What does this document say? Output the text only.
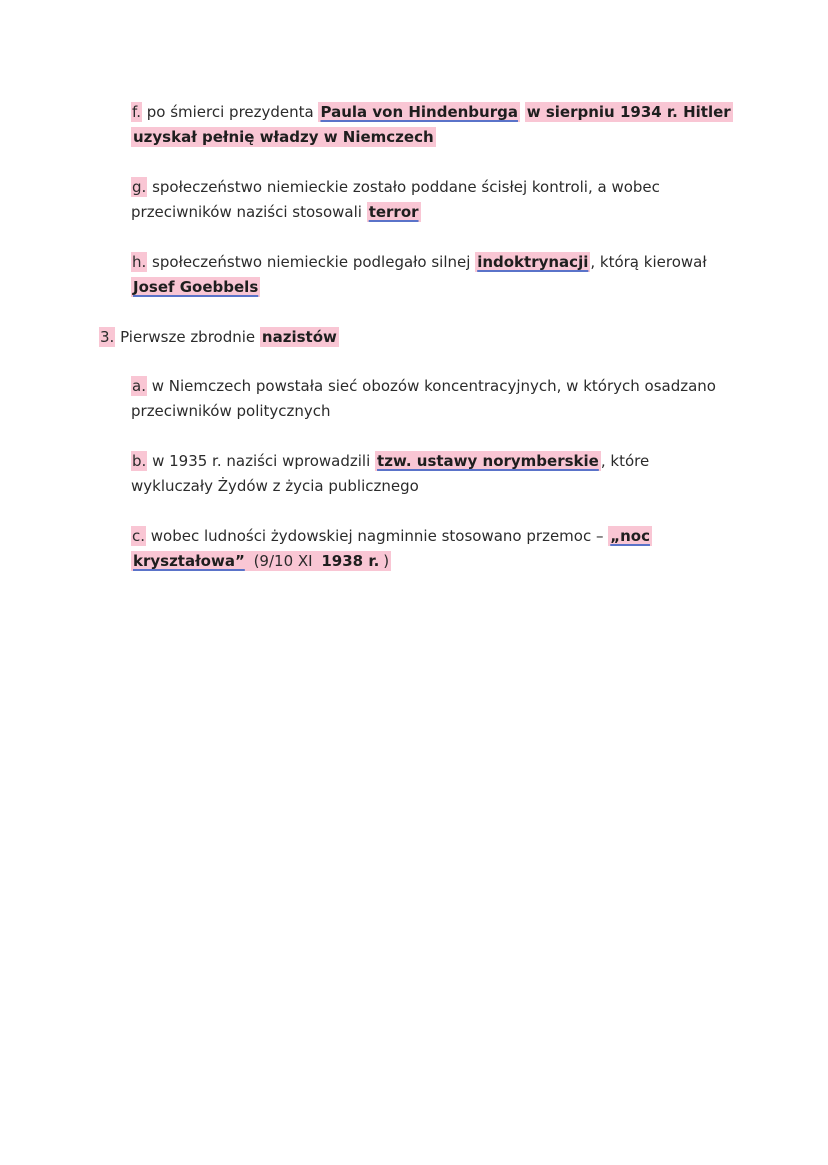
f. po śmierci prezydenta Paula von Hindenburga w sierpniu 1934 r. Hitler uzyskał pełnię władzy w Niemczech
g. społeczeństwo niemieckie zostało poddane ścisłej kontroli, a wobec przeciwników naziści stosowali terror
h. społeczeństwo niemieckie podlegało silnej indoktrynacji , którą kierował Josef Goebbels
3. Pierwsze zbrodnie nazistów
a. w Niemczech powstała sieć obozów koncentracyjnych, w których osadzano przeciwników politycznych
b. w 1935 r. naziści wprowadzili tzw. ustawy norymberskie , które wykluczały Żydów z życia publicznego
c. wobec ludności żydowskiej nagminnie stosowano przemoc – „noc kryształowa” (9/10 XI 1938 r. )
